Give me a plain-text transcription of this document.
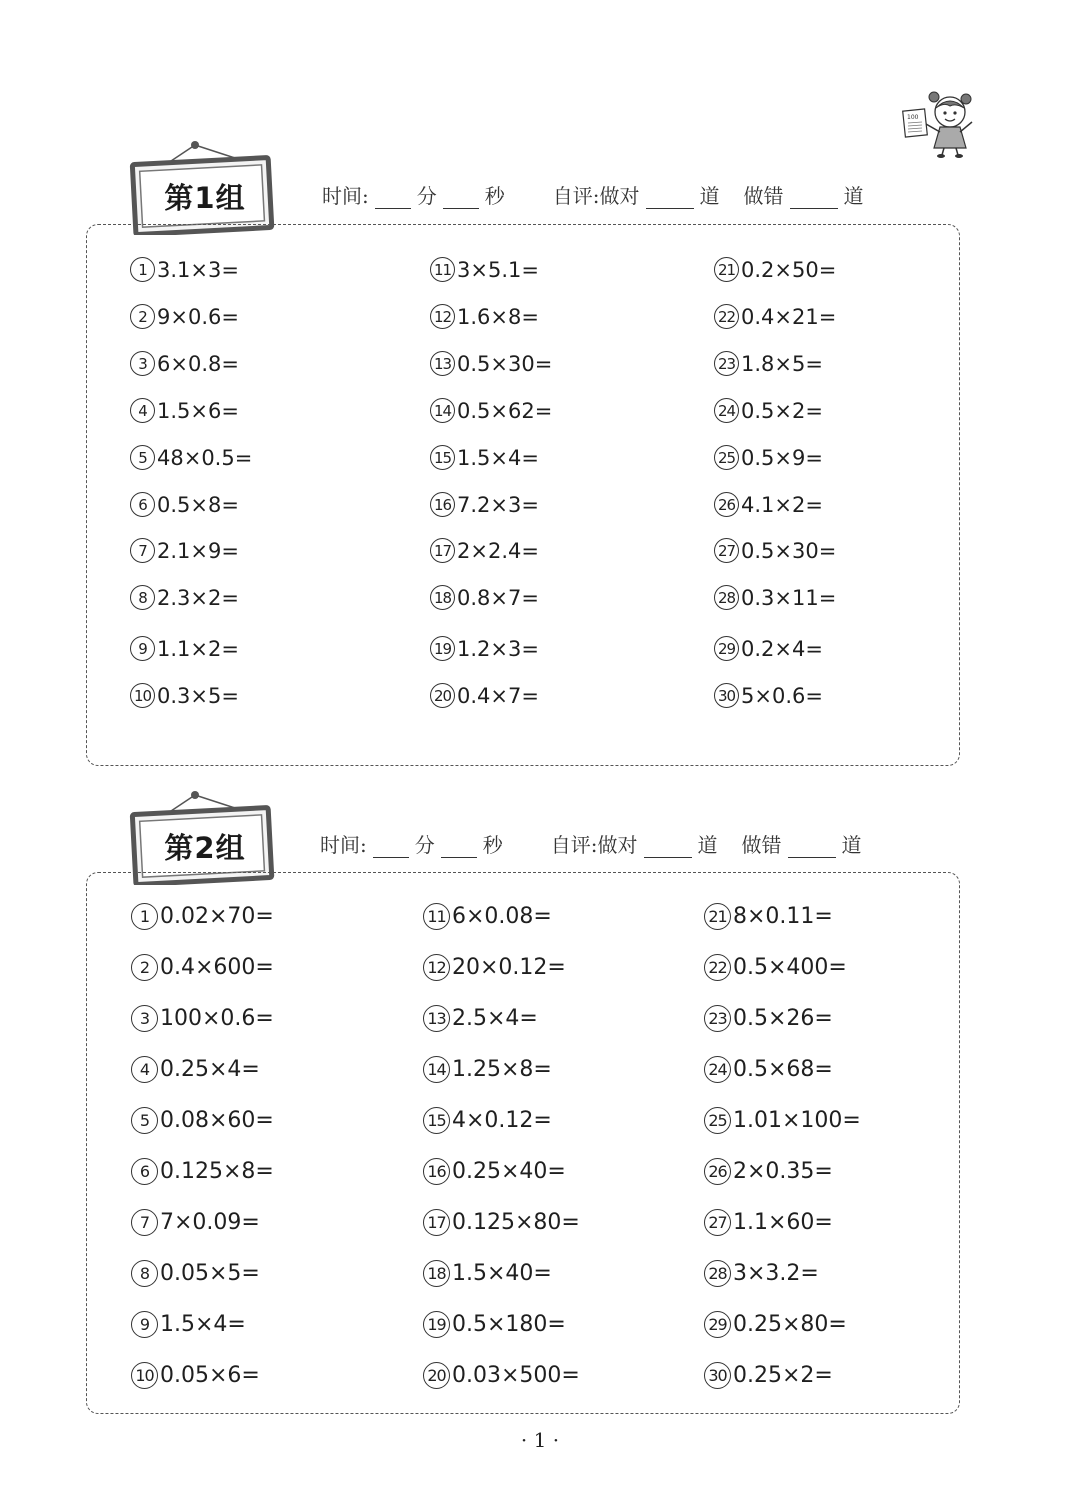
100
第1组	时间: 分 秒 自评:做对	道 做错	道
1 3.1×3=
2 9×0.6=
3 6×0.8=
4 1.5×6=
5 48×0.5=
6 0.5×8=
7 2.1×9=
8 2.3×2=
9 1.1×2=
10 0.3×5=
11 3×5.1=
12 1.6×8=
13 0.5×30=
14 0.5×62=
15 1.5×4=
16 7.2×3=
17 2×2.4=
18 0.8×7=
19 1.2×3=
20 0.4×7=
21 0.2×50=
22 0.4×21=
23 1.8×5=
24 0.5×2=
25 0.5×9=
26 4.1×2=
27 0.5×30=
28 0.3×11=
29 0.2×4=
30 5×0.6=
第2组	时间: 分 秒 自评:做对	道 做错	道
1 0.02×70=
2 0.4×600=
3 100×0.6=
4 0.25×4=
5 0.08×60=
6 0.125×8=
7 7×0.09=
8 0.05×5=
9 1.5×4=
10 0.05×6=
11 6×0.08=
12 20×0.12=
13 2.5×4=
14 1.25×8=
15 4×0.12=
16 0.25×40=
17 0.125×80=
18 1.5×40=
19 0.5×180=
20 0.03×500=
21 8×0.11=
22 0.5×400=
23 0.5×26=
24 0.5×68=
25 1.01×100=
26 2×0.35=
27 1.1×60=
28 3×3.2=
29 0.25×80=
30 0.25×2=
· 1 ·
